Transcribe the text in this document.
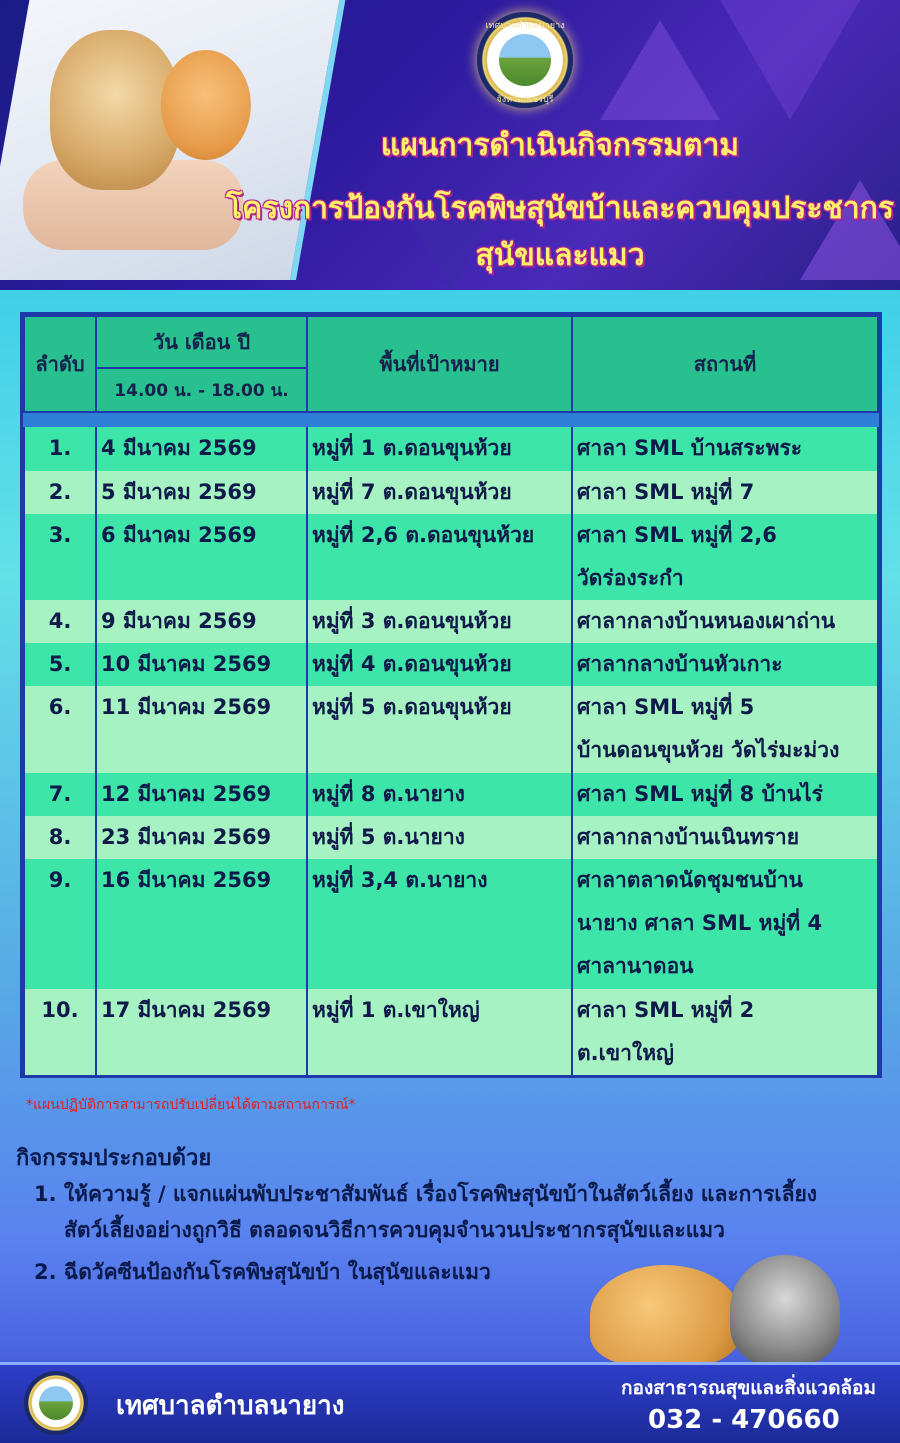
เทศบาลตำบลนายาง
จังหวัดเพชรบุรี
แผนการดำเนินกิจกรรมตาม
โครงการป้องกันโรคพิษสุนัขบ้าและควบคุมประชากรสุนัขและแมว
ลำดับ	วัน เดือน ปี	พื้นที่เป้าหมาย	สถานที่
	14.00 น. - 18.00 น.		

1.	4 มีนาคม 2569	หมู่ที่ 1 ต.ดอนขุนห้วย	ศาลา SML บ้านสระพระ
2.	5 มีนาคม 2569	หมู่ที่ 7 ต.ดอนขุนห้วย	ศาลา SML หมู่ที่ 7
3.	6 มีนาคม 2569	หมู่ที่ 2,6 ต.ดอนขุนห้วย	ศาลา SML หมู่ที่ 2,6
วัดร่องระกำ
4.	9 มีนาคม 2569	หมู่ที่ 3 ต.ดอนขุนห้วย	ศาลากลางบ้านหนองเผาถ่าน
5.	10 มีนาคม 2569	หมู่ที่ 4 ต.ดอนขุนห้วย	ศาลากลางบ้านหัวเกาะ
6.	11 มีนาคม 2569	หมู่ที่ 5 ต.ดอนขุนห้วย	ศาลา SML หมู่ที่ 5
บ้านดอนขุนห้วย วัดไร่มะม่วง
7.	12 มีนาคม 2569	หมู่ที่ 8 ต.นายาง	ศาลา SML หมู่ที่ 8 บ้านไร่
8.	23 มีนาคม 2569	หมู่ที่ 5 ต.นายาง	ศาลากลางบ้านเนินทราย
9.	16 มีนาคม 2569	หมู่ที่ 3,4 ต.นายาง	ศาลาตลาดนัดชุมชนบ้าน
นายาง ศาลา SML หมู่ที่ 4
ศาลานาดอน
10.	17 มีนาคม 2569	หมู่ที่ 1 ต.เขาใหญ่	ศาลา SML หมู่ที่ 2
ต.เขาใหญ่
*แผนปฏิบัติการสามารถปรับเปลี่ยนได้ตามสถานการณ์*
กิจกรรมประกอบด้วย
1. ให้ความรู้ / แจกแผ่นพับประชาสัมพันธ์ เรื่องโรคพิษสุนัขบ้าในสัตว์เลี้ยง และการเลี้ยง
สัตว์เลี้ยงอย่างถูกวิธี ตลอดจนวิธีการควบคุมจำนวนประชากรสุนัขและแมว
2. ฉีดวัคซีนป้องกันโรคพิษสุนัขบ้า ในสุนัขและแมว
เทศบาลตำบลนายาง
กองสาธารณสุขและสิ่งแวดล้อม
032 - 470660
